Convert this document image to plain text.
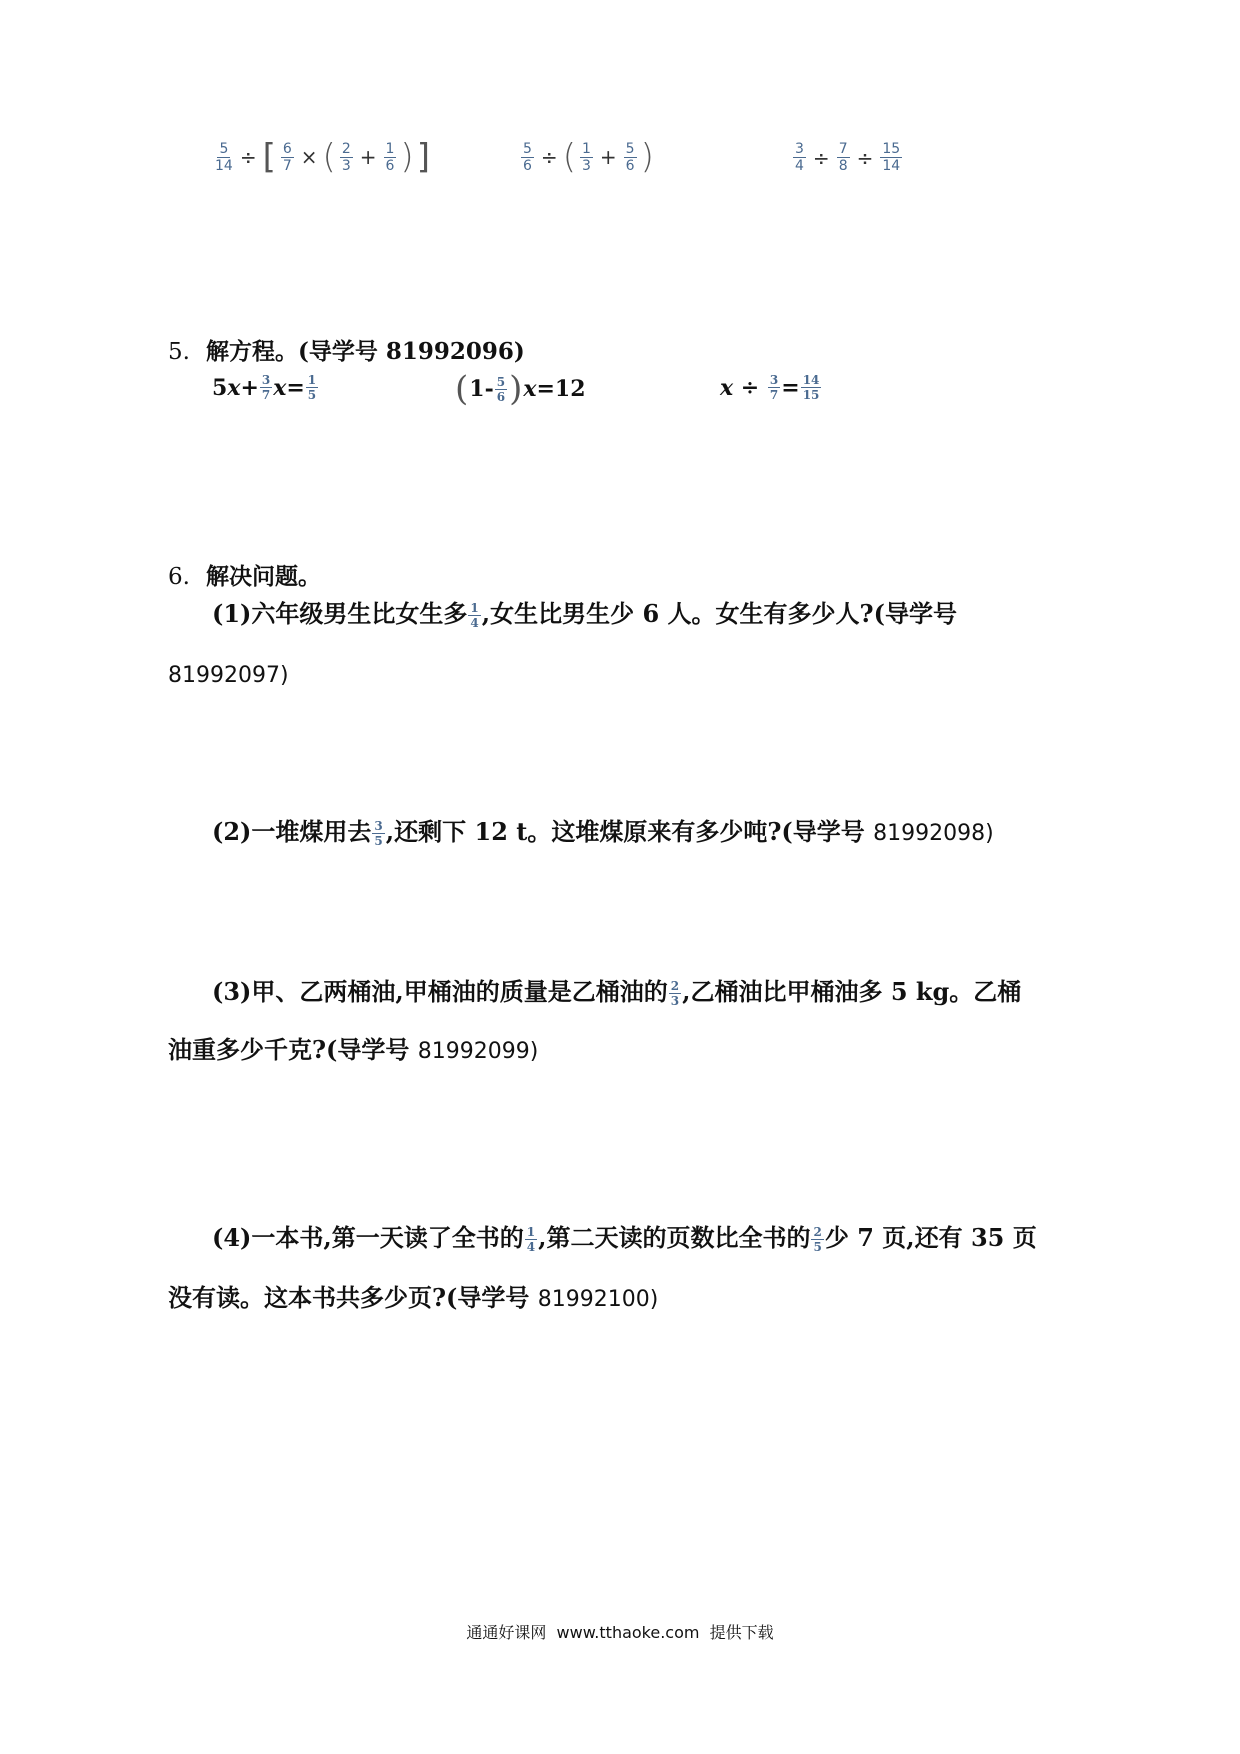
$\frac{5}{14}$ ÷ [ $\frac{6}{7}$ × ( $\frac{2}{3} + \frac{1}{6}$ ) ]	$\frac{5}{6}$ ÷ ( $\frac{1}{3} + \frac{5}{6}$ )	$\frac{3}{4} \div \frac{7}{8} \div \frac{15}{14}$
5. 解方程。(导学号 81992096)
5 $x + \frac{3}{7}$ $x = \frac{1}{5}$	( $1- \frac{5}{6}$ ) x =12	x
÷
$\frac{3}{7} = \frac{14}{15}$
6. 解决问题。
(1)六年级男生比女生多 $\frac{1}{4}$ ,女生比男生少 6 人。女生有多少人?(导学号
81992097)
(2)一堆煤用去 $\frac{3}{5}$ ,还剩下 12 t。这堆煤原来有多少吨?(导学号 81992098)
(3)甲、乙两桶油,甲桶油的质量是乙桶油的 $\frac{2}{3}$ ,乙桶油比甲桶油多 5 kg。乙桶
油重多少千克?(导学号 81992099)
(4)一本书,第一天读了全书的 $\frac{1}{4}$ ,第二天读的页数比全书的 $\frac{2}{5}$ 少 7 页,还有 35 页
没有读。这本书共多少页?(导学号 81992100)
通通好课网  www.tthaoke.com  提供下载
